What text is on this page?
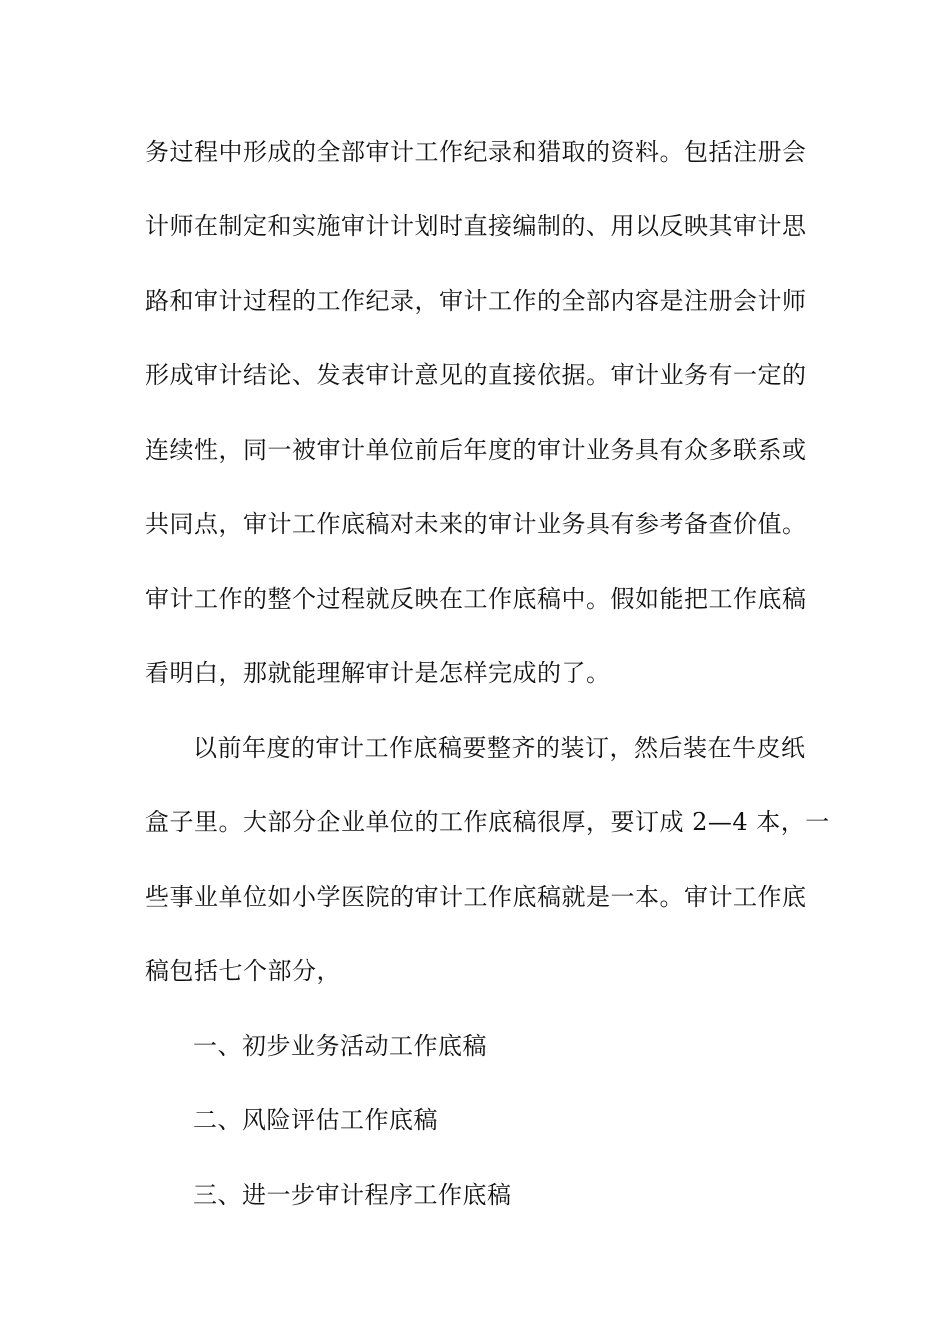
务过程中形成的全部审计工作纪录和猎取的资料。包括注册会
计师在制定和实施审计计划时直接编制的、用以反映其审计思
路和审计过程的工作纪录，审计工作的全部内容是注册会计师
形成审计结论、发表审计意见的直接依据。审计业务有一定的
连续性，同一被审计单位前后年度的审计业务具有众多联系或
共同点，审计工作底稿对未来的审计业务具有参考备查价值。
审计工作的整个过程就反映在工作底稿中。假如能把工作底稿
看明白，那就能理解审计是怎样完成的了。
以前年度的审计工作底稿要整齐的装订，然后装在牛皮纸
盒子里。大部分企业单位的工作底稿很厚，要订成 2—4 本，一
些事业单位如小学医院的审计工作底稿就是一本。审计工作底
稿包括七个部分，
一、初步业务活动工作底稿
二、风险评估工作底稿
三、进一步审计程序工作底稿
